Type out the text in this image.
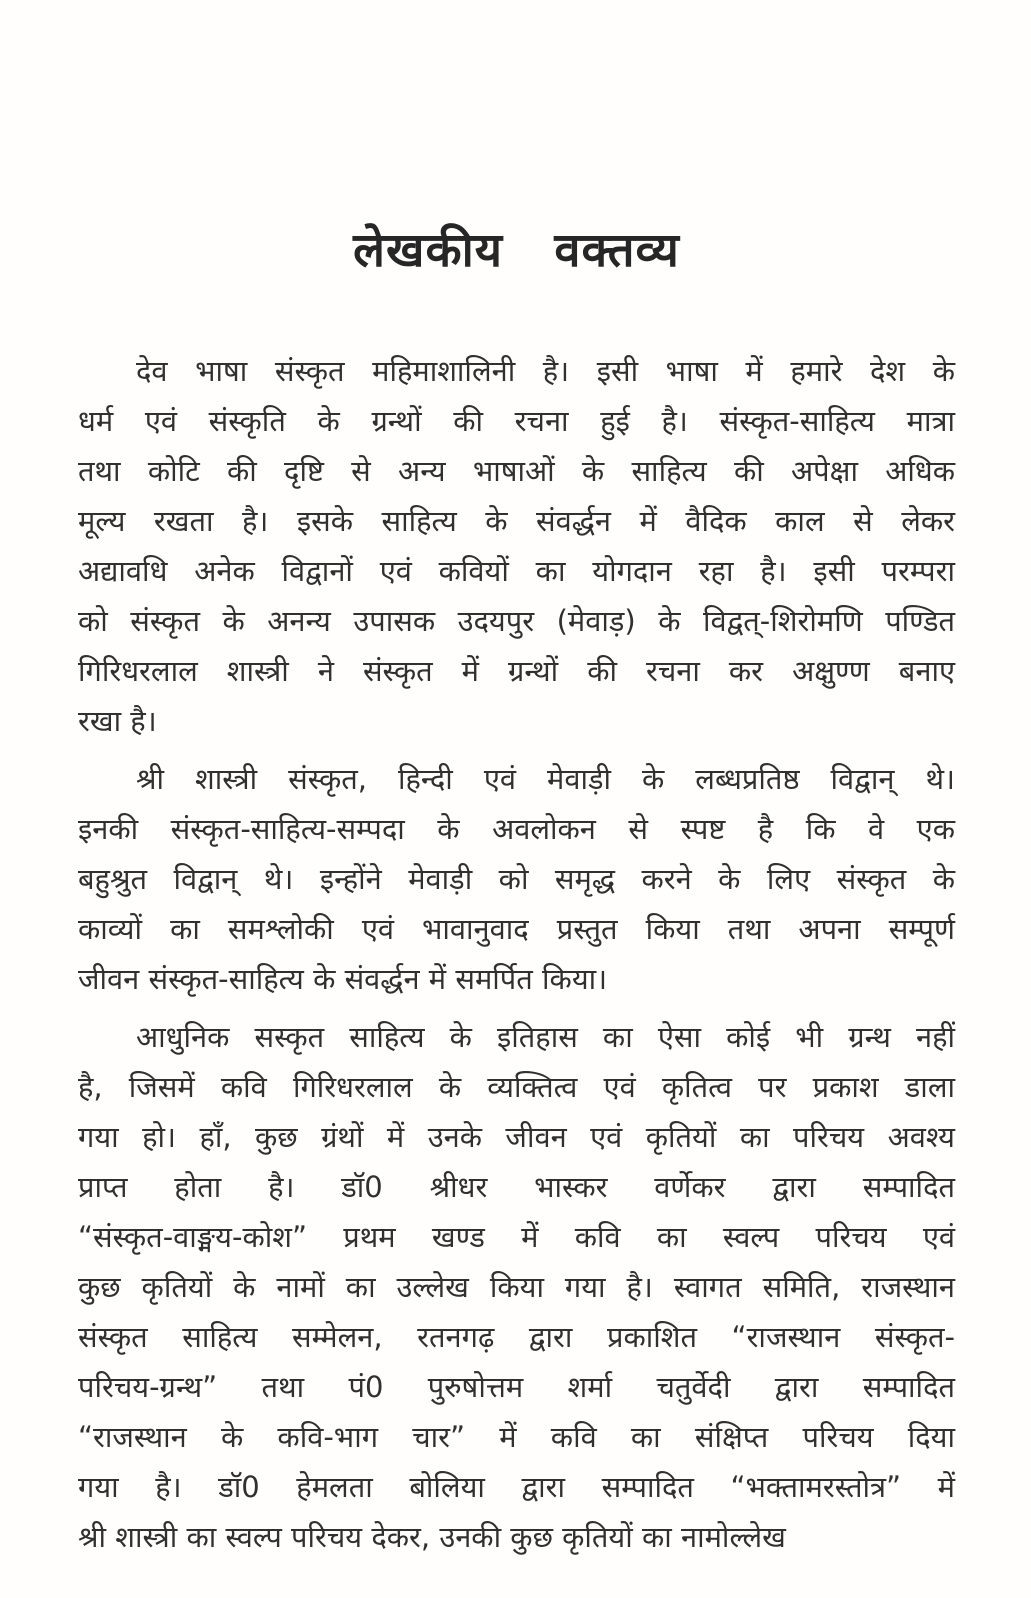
लेखकीय वक्तव्य
देव भाषा संस्कृत महिमाशालिनी है। इसी भाषा में हमारे देश के
धर्म एवं संस्कृति के ग्रन्थों की रचना हुई है। संस्कृत-साहित्य मात्रा
तथा कोटि की दृष्टि से अन्य भाषाओं के साहित्य की अपेक्षा अधिक
मूल्य रखता है। इसके साहित्य के संवर्द्धन में वैदिक काल से लेकर
अद्यावधि अनेक विद्वानों एवं कवियों का योगदान रहा है। इसी परम्परा
को संस्कृत के अनन्य उपासक उदयपुर (मेवाड़) के विद्वत्-शिरोमणि पण्डित
गिरिधरलाल शास्त्री ने संस्कृत में ग्रन्थों की रचना कर अक्षुण्ण बनाए
रखा है।
श्री शास्त्री संस्कृत, हिन्दी एवं मेवाड़ी के लब्धप्रतिष्ठ विद्वान् थे।
इनकी संस्कृत-साहित्य-सम्पदा के अवलोकन से स्पष्ट है कि वे एक
बहुश्रुत विद्वान् थे। इन्होंने मेवाड़ी को समृद्ध करने के लिए संस्कृत के
काव्यों का समश्लोकी एवं भावानुवाद प्रस्तुत किया तथा अपना सम्पूर्ण
जीवन संस्कृत-साहित्य के संवर्द्धन में समर्पित किया।
आधुनिक सस्कृत साहित्य के इतिहास का ऐसा कोई भी ग्रन्थ नहीं
है, जिसमें कवि गिरिधरलाल के व्यक्तित्व एवं कृतित्व पर प्रकाश डाला
गया हो। हाँ, कुछ ग्रंथों में उनके जीवन एवं कृतियों का परिचय अवश्य
प्राप्त होता है। डॉ0 श्रीधर भास्कर वर्णेकर द्वारा सम्पादित
“संस्कृत-वाङ्मय-कोश” प्रथम खण्ड में कवि का स्वल्प परिचय एवं
कुछ कृतियों के नामों का उल्लेख किया गया है। स्वागत समिति, राजस्थान
संस्कृत साहित्य सम्मेलन, रतनगढ़ द्वारा प्रकाशित “राजस्थान संस्कृत-
परिचय-ग्रन्थ” तथा पं0 पुरुषोत्तम शर्मा चतुर्वेदी द्वारा सम्पादित
“राजस्थान के कवि-भाग चार” में कवि का संक्षिप्त परिचय दिया
गया है। डॉ0 हेमलता बोलिया द्वारा सम्पादित “भक्तामरस्तोत्र” में
श्री शास्त्री का स्वल्प परिचय देकर, उनकी कुछ कृतियों का नामोल्लेख
